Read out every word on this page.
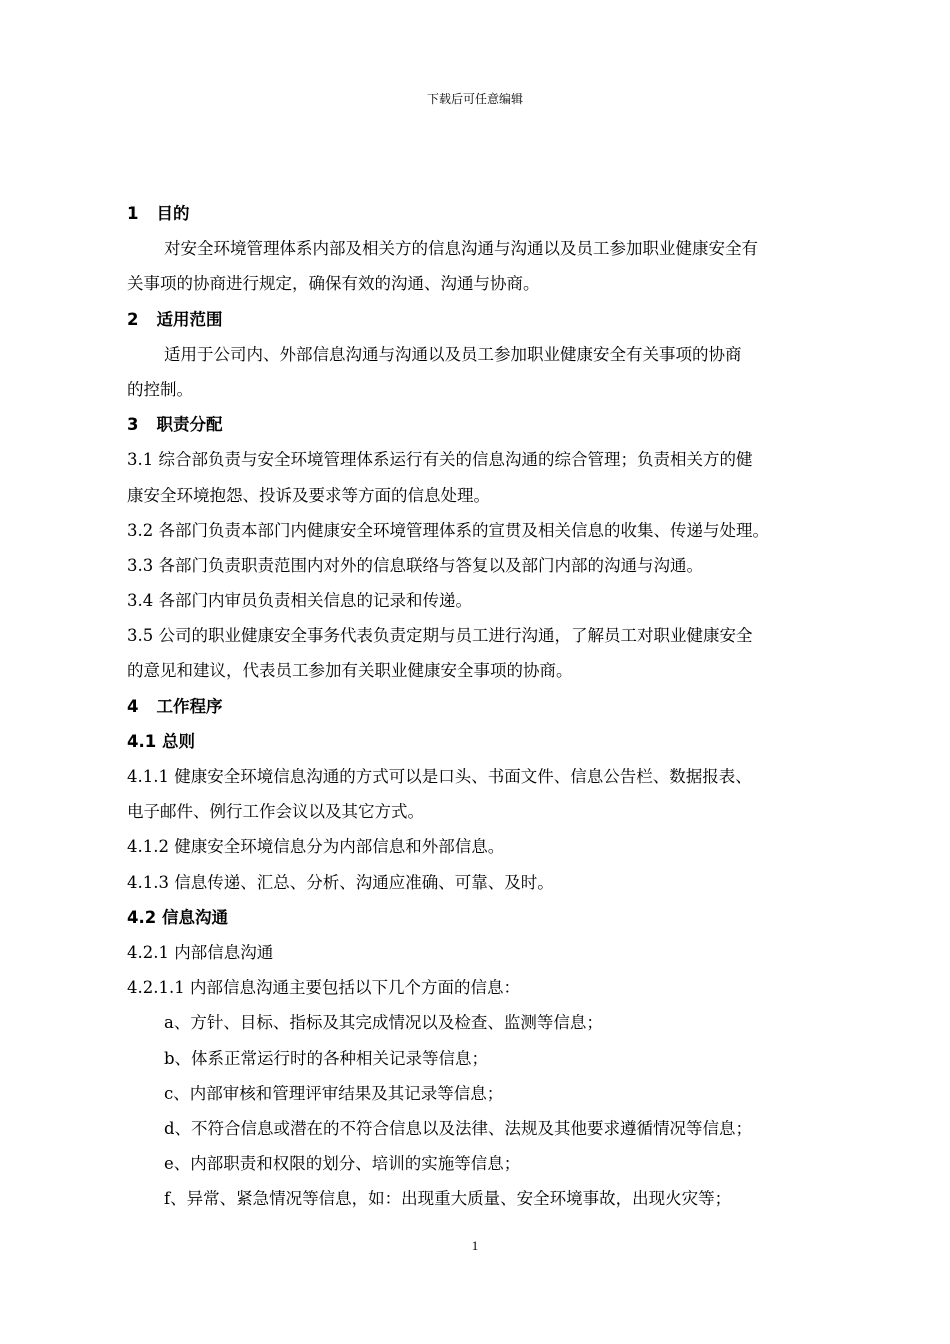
下载后可任意编辑
1 目的
对安全环境管理体系内部及相关方的信息沟通与沟通以及员工参加职业健康安全有
关事项的协商进行规定，确保有效的沟通、沟通与协商。
2 适用范围
适用于公司内、外部信息沟通与沟通以及员工参加职业健康安全有关事项的协商
的控制。
3 职责分配
3.1 综合部负责与安全环境管理体系运行有关的信息沟通的综合管理；负责相关方的健
康安全环境抱怨、投诉及要求等方面的信息处理。
3.2 各部门负责本部门内健康安全环境管理体系的宣贯及相关信息的收集、传递与处理。
3.3 各部门负责职责范围内对外的信息联络与答复以及部门内部的沟通与沟通。
3.4 各部门内审员负责相关信息的记录和传递。
3.5 公司的职业健康安全事务代表负责定期与员工进行沟通，了解员工对职业健康安全
的意见和建议，代表员工参加有关职业健康安全事项的协商。
4 工作程序
4.1 总则
4.1.1 健康安全环境信息沟通的方式可以是口头、书面文件、信息公告栏、数据报表、
电子邮件、例行工作会议以及其它方式。
4.1.2 健康安全环境信息分为内部信息和外部信息。
4.1.3 信息传递、汇总、分析、沟通应准确、可靠、及时。
4.2 信息沟通
4.2.1 内部信息沟通
4.2.1.1 内部信息沟通主要包括以下几个方面的信息：
a、方针、目标、指标及其完成情况以及检查、监测等信息；
b、体系正常运行时的各种相关记录等信息；
c、内部审核和管理评审结果及其记录等信息；
d、不符合信息或潜在的不符合信息以及法律、法规及其他要求遵循情况等信息；
e、内部职责和权限的划分、培训的实施等信息；
f、异常、紧急情况等信息，如：出现重大质量、安全环境事故，出现火灾等；
1
